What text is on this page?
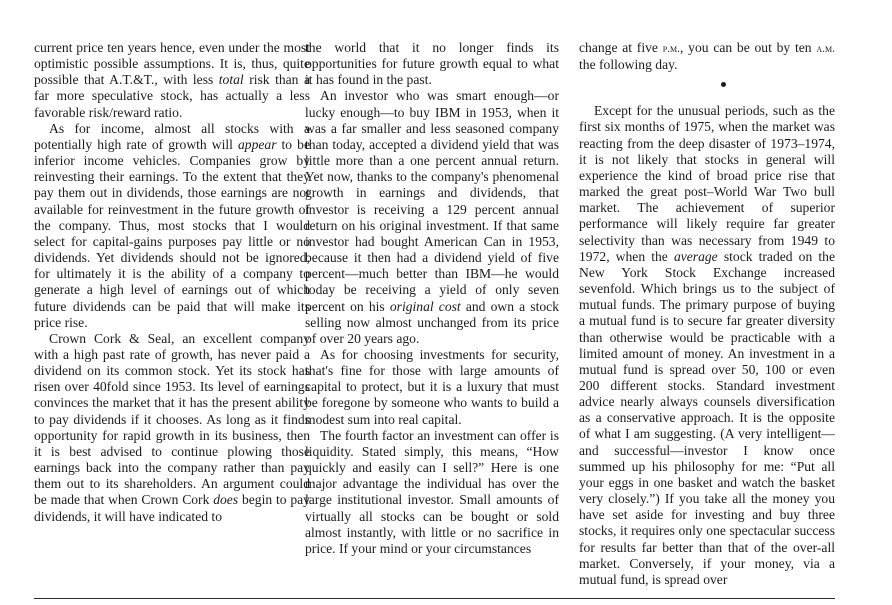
current price ten years hence, even under the most optimistic possible assumptions. It is, thus, quite possible that A.T.&T., with less total risk than a far more speculative stock, has actually a less favorable risk/reward ratio.

As for income, almost all stocks with a potentially high rate of growth will appear to be inferior income vehicles. Companies grow by reinvesting their earnings. To the extent that they pay them out in dividends, those earnings are not available for reinvestment in the future growth of the company. Thus, most stocks that I would select for capital-gains purposes pay little or no dividends. Yet dividends should not be ignored, for ultimately it is the ability of a company to generate a high level of earnings out of which future dividends can be paid that will make its price rise.

Crown Cork & Seal, an excellent company with a high past rate of growth, has never paid a dividend on its common stock. Yet its stock has risen over 40fold since 1953. Its level of earnings convinces the market that it has the present ability to pay dividends if it chooses. As long as it finds opportunity for rapid growth in its business, then it is best advised to continue plowing those earnings back into the company rather than pay them out to its shareholders. An argument could be made that when Crown Cork does begin to pay dividends, it will have indicated to

the world that it no longer finds its opportunities for future growth equal to what it has found in the past.

An investor who was smart enough—or lucky enough—to buy IBM in 1953, when it was a far smaller and less seasoned company than today, accepted a dividend yield that was little more than a one percent annual return. Yet now, thanks to the company's phenomenal growth in earnings and dividends, that investor is receiving a 129 percent annual return on his original investment. If that same investor had bought American Can in 1953, because it then had a dividend yield of five percent—much better than IBM—he would today be receiving a yield of only seven percent on his original cost and own a stock selling now almost unchanged from its price of over 20 years ago.

As for choosing investments for security, that's fine for those with large amounts of capital to protect, but it is a luxury that must be foregone by someone who wants to build a modest sum into real capital.

The fourth factor an investment can offer is liquidity. Stated simply, this means, “How quickly and easily can I sell?” Here is one major advantage the individual has over the large institutional investor. Small amounts of virtually all stocks can be bought or sold almost instantly, with little or no sacrifice in price. If your mind or your circumstances

change at five p.m., you can be out by ten a.m. the following day.

Except for the unusual periods, such as the first six months of 1975, when the market was reacting from the deep disaster of 1973–1974, it is not likely that stocks in general will experience the kind of broad price rise that marked the great post–World War Two bull market. The achievement of superior performance will likely require far greater selectivity than was necessary from 1949 to 1972, when the average stock traded on the New York Stock Exchange increased sevenfold. Which brings us to the subject of mutual funds. The primary purpose of buying a mutual fund is to secure far greater diversity than otherwise would be practicable with a limited amount of money. An investment in a mutual fund is spread over 50, 100 or even 200 different stocks. Standard investment advice nearly always counsels diversification as a conservative approach. It is the opposite of what I am suggesting. (A very intelligent—and successful—investor I know once summed up his philosophy for me: “Put all your eggs in one basket and watch the basket very closely.”) If you take all the money you have set aside for investing and buy three stocks, it requires only one spectacular success for results far better than that of the over-all market. Conversely, if your money, via a mutual fund, is spread over
